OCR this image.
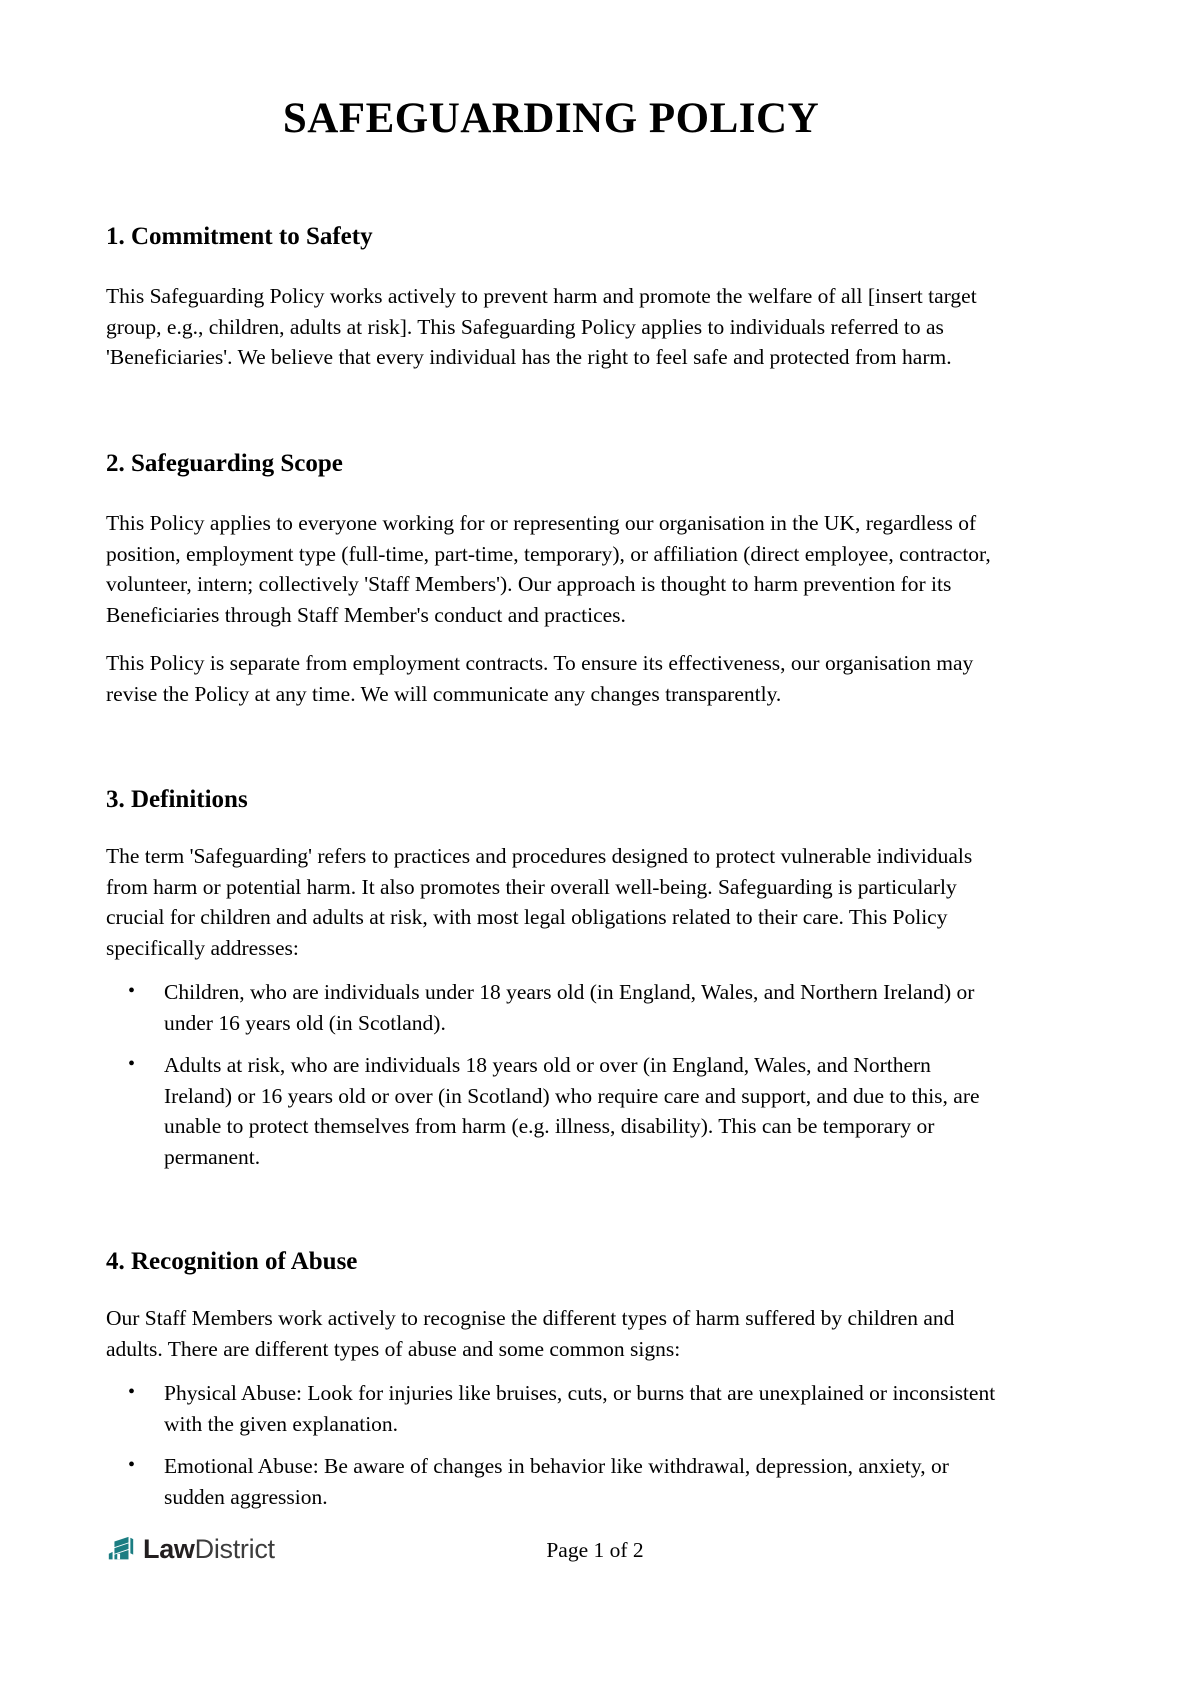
SAFEGUARDING POLICY
1. Commitment to Safety

This Safeguarding Policy works actively to prevent harm and promote the welfare of all [insert target group, e.g., children, adults at risk]. This Safeguarding Policy applies to individuals referred to as 'Beneficiaries'. We believe that every individual has the right to feel safe and protected from harm.

2. Safeguarding Scope

This Policy applies to everyone working for or representing our organisation in the UK, regardless of position, employment type (full-time, part-time, temporary), or affiliation (direct employee, contractor, volunteer, intern; collectively 'Staff Members'). Our approach is thought to harm prevention for its Beneficiaries through Staff Member's conduct and practices.

This Policy is separate from employment contracts. To ensure its effectiveness, our organisation may revise the Policy at any time. We will communicate any changes transparently.

3. Definitions

The term 'Safeguarding' refers to practices and procedures designed to protect vulnerable individuals from harm or potential harm. It also promotes their overall well-being. Safeguarding is particularly crucial for children and adults at risk, with most legal obligations related to their care. This Policy specifically addresses:

• Children, who are individuals under 18 years old (in England, Wales, and Northern Ireland) or under 16 years old (in Scotland).
• Adults at risk, who are individuals 18 years old or over (in England, Wales, and Northern Ireland) or 16 years old or over (in Scotland) who require care and support, and due to this, are unable to protect themselves from harm (e.g. illness, disability). This can be temporary or permanent.
4. Recognition of Abuse

Our Staff Members work actively to recognise the different types of harm suffered by children and adults. There are different types of abuse and some common signs:

• Physical Abuse: Look for injuries like bruises, cuts, or burns that are unexplained or inconsistent with the given explanation.
• Emotional Abuse: Be aware of changes in behavior like withdrawal, depression, anxiety, or sudden aggression.
LawDistrict	Page 1 of 2
